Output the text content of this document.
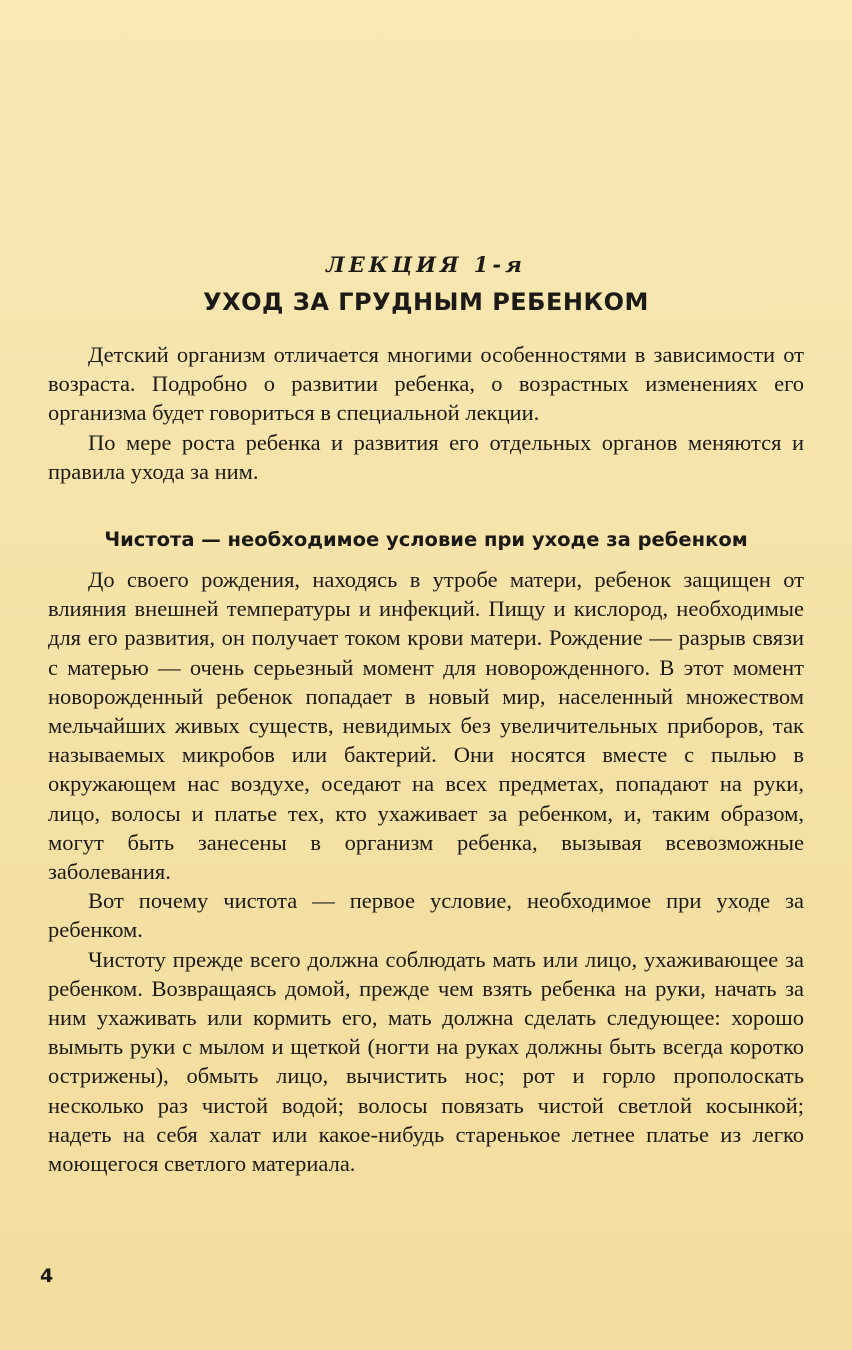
ЛЕКЦИЯ 1-я
УХОД ЗА ГРУДНЫМ РЕБЕНКОМ

Детский организм отличается многими особенностями в зависимости от возраста. Подробно о развитии ребенка, о возрастных изменениях его организма будет говориться в специальной лекции.

По мере роста ребенка и развития его отдельных органов меняются и правила ухода за ним.

Чистота — необходимое условие при уходе за ребенком

До своего рождения, находясь в утробе матери, ребенок защищен от влияния внешней температуры и инфекций. Пищу и кислород, необходимые для его развития, он получает током крови матери. Рождение — разрыв связи с матерью — очень серьезный момент для новорожденного. В этот момент новорожденный ребенок попадает в новый мир, населенный множеством мельчайших живых существ, невидимых без увеличительных приборов, так называемых микробов или бактерий. Они носятся вместе с пылью в окружающем нас воздухе, оседают на всех предметах, попадают на руки, лицо, волосы и платье тех, кто ухаживает за ребенком, и, таким образом, могут быть занесены в организм ребенка, вызывая всевозможные заболевания.

Вот почему чистота — первое условие, необходимое при уходе за ребенком.

Чистоту прежде всего должна соблюдать мать или лицо, ухаживающее за ребенком. Возвращаясь домой, прежде чем взять ребенка на руки, начать за ним ухаживать или кормить его, мать должна сделать следующее: хорошо вымыть руки с мылом и щеткой (ногти на руках должны быть всегда коротко острижены), обмыть лицо, вычистить нос; рот и горло прополоскать несколько раз чистой водой; волосы повязать чистой светлой косынкой; надеть на себя халат или какое-нибудь старенькое летнее платье из легко моющегося светлого материала.

4
